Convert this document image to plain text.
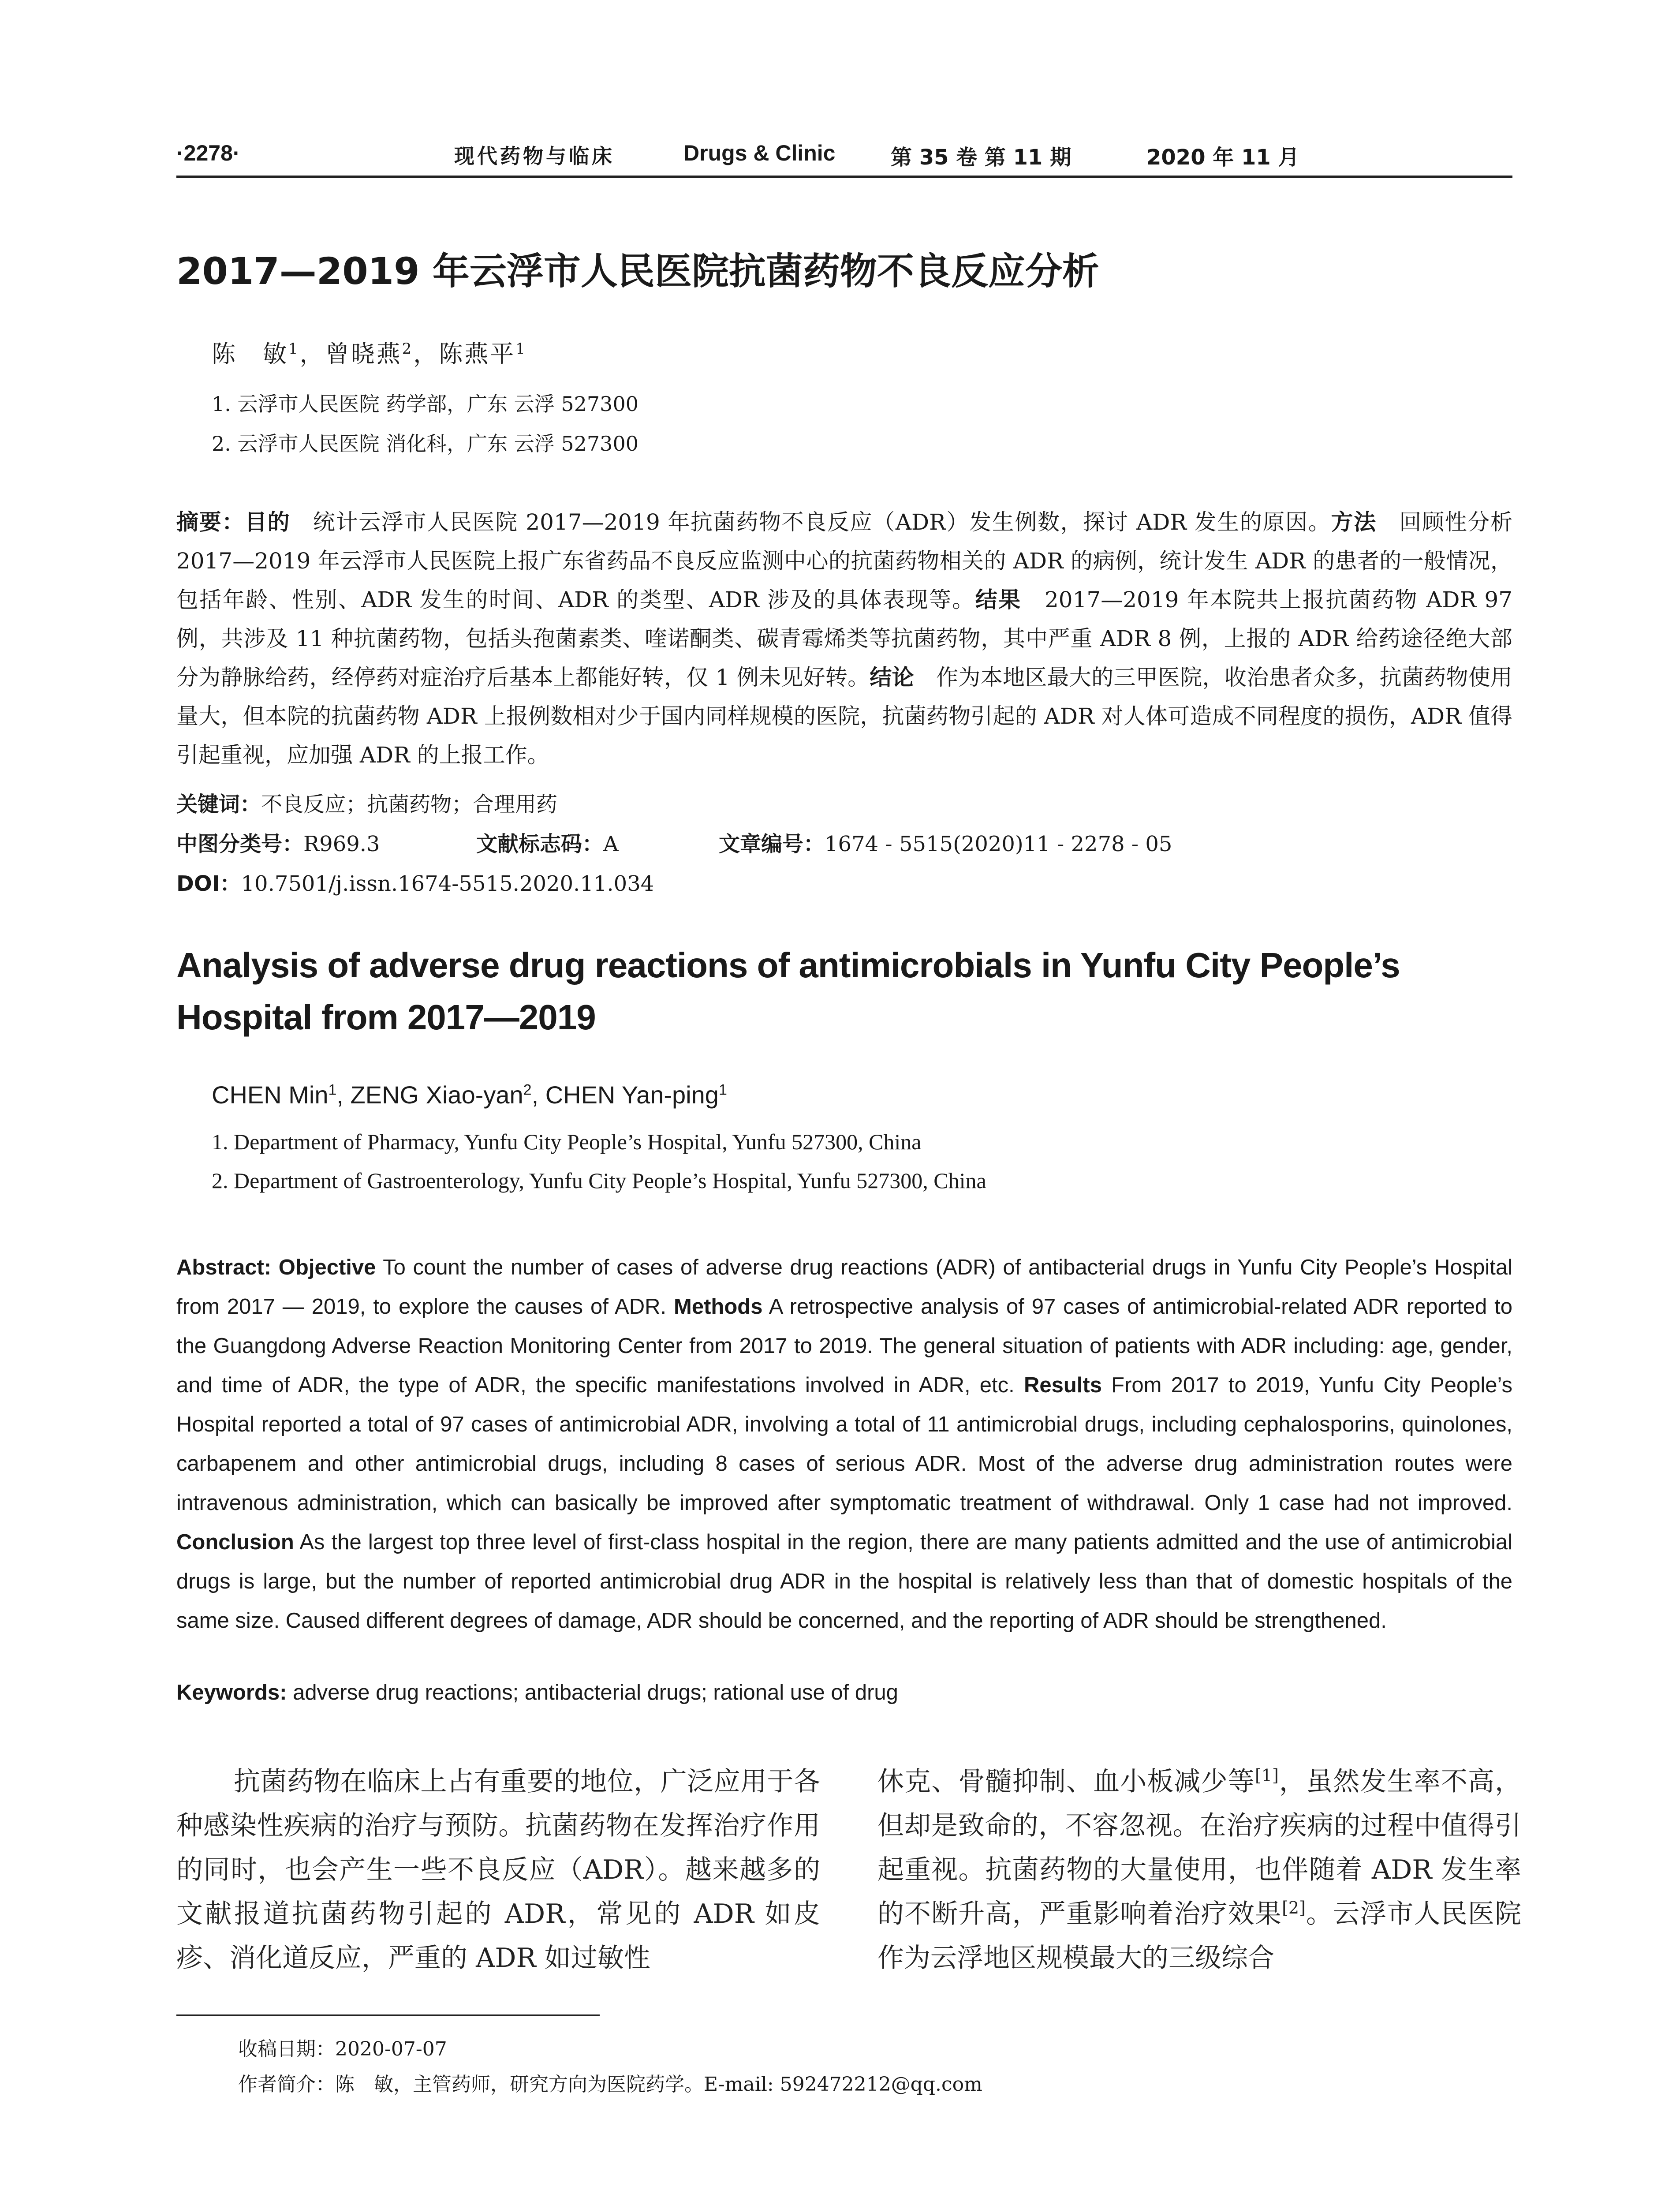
·2278·	现代药物与临床	Drugs & Clinic	第 35 卷 第 11 期	2020 年 11 月
2017—2019 年云浮市人民医院抗菌药物不良反应分析
陈　敏$^1$，曾晓燕$^2$，陈燕平$^1$
1. 云浮市人民医院 药学部，广东 云浮 527300
2. 云浮市人民医院 消化科，广东 云浮 527300
摘要：目的　统计云浮市人民医院 2017—2019 年抗菌药物不良反应（ADR）发生例数，探讨 ADR 发生的原因。方法　回顾性分析 2017—2019 年云浮市人民医院上报广东省药品不良反应监测中心的抗菌药物相关的 ADR 的病例，统计发生 ADR 的患者的一般情况，包括年龄、性别、ADR 发生的时间、ADR 的类型、ADR 涉及的具体表现等。结果　2017—2019 年本院共上报抗菌药物 ADR 97 例，共涉及 11 种抗菌药物，包括头孢菌素类、喹诺酮类、碳青霉烯类等抗菌药物，其中严重 ADR 8 例，上报的 ADR 给药途径绝大部分为静脉给药，经停药对症治疗后基本上都能好转，仅 1 例未见好转。结论　作为本地区最大的三甲医院，收治患者众多，抗菌药物使用量大，但本院的抗菌药物 ADR 上报例数相对少于国内同样规模的医院，抗菌药物引起的 ADR 对人体可造成不同程度的损伤，ADR 值得引起重视，应加强 ADR 的上报工作。
关键词：不良反应；抗菌药物；合理用药
中图分类号：R969.3	文献标志码：A	文章编号：1674 - 5515(2020)11 - 2278 - 05
DOI：10.7501/j.issn.1674-5515.2020.11.034
Analysis of adverse drug reactions of antimicrobials in Yunfu City People’s Hospital from 2017—2019
CHEN Min$^1$, ZENG Xiao-yan$^2$, CHEN Yan-ping$^1$
1. Department of Pharmacy, Yunfu City People’s Hospital, Yunfu 527300, China
2. Department of Gastroenterology, Yunfu City People’s Hospital, Yunfu 527300, China
Abstract: Objective To count the number of cases of adverse drug reactions (ADR) of antibacterial drugs in Yunfu City People’s Hospital from 2017 — 2019, to explore the causes of ADR. Methods A retrospective analysis of 97 cases of antimicrobial-related ADR reported to the Guangdong Adverse Reaction Monitoring Center from 2017 to 2019. The general situation of patients with ADR including: age, gender, and time of ADR, the type of ADR, the specific manifestations involved in ADR, etc. Results From 2017 to 2019, Yunfu City People’s Hospital reported a total of 97 cases of antimicrobial ADR, involving a total of 11 antimicrobial drugs, including cephalosporins, quinolones, carbapenem and other antimicrobial drugs, including 8 cases of serious ADR. Most of the adverse drug administration routes were intravenous administration, which can basically be improved after symptomatic treatment of withdrawal. Only 1 case had not improved. Conclusion As the largest top three level of first-class hospital in the region, there are many patients admitted and the use of antimicrobial drugs is large, but the number of reported antimicrobial drug ADR in the hospital is relatively less than that of domestic hospitals of the same size. Caused different degrees of damage, ADR should be concerned, and the reporting of ADR should be strengthened.
Keywords: adverse drug reactions; antibacterial drugs; rational use of drug
抗菌药物在临床上占有重要的地位，广泛应用于各种感染性疾病的治疗与预防。抗菌药物在发挥治疗作用的同时，也会产生一些不良反应（ADR）。越来越多的文献报道抗菌药物引起的 ADR，常见的 ADR 如皮疹、消化道反应，严重的 ADR 如过敏性
休克、骨髓抑制、血小板减少等[1]，虽然发生率不高，但却是致命的，不容忽视。在治疗疾病的过程中值得引起重视。抗菌药物的大量使用，也伴随着 ADR 发生率的不断升高，严重影响着治疗效果[2]。云浮市人民医院作为云浮地区规模最大的三级综合
收稿日期：2020-07-07
作者简介：陈　敏，主管药师，研究方向为医院药学。E-mail: 592472212@qq.com
